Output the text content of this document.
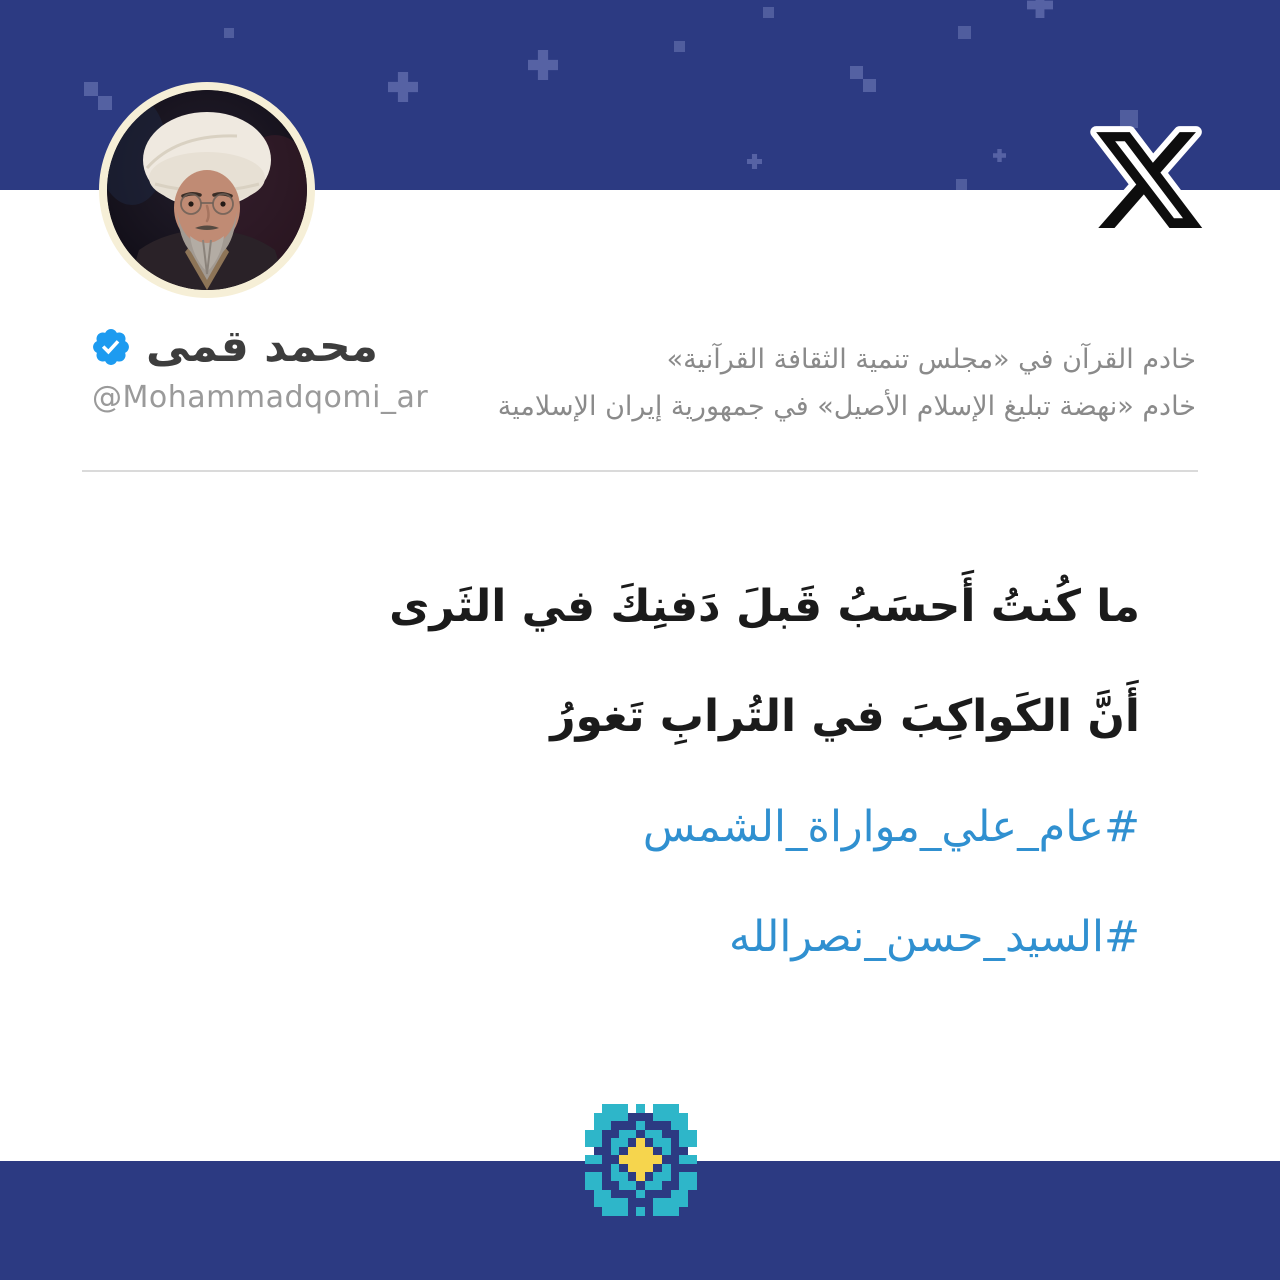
محمد قمى
@Mohammadqomi_ar
خادم القرآن في «مجلس تنمية الثقافة القرآنية»
خادم «نهضة تبليغ الإسلام الأصيل» في جمهورية إيران الإسلامية
ما كُنتُ أَحسَبُ قَبلَ دَفنِكَ في الثَرى
أَنَّ الكَواكِبَ في التُرابِ تَغورُ
#عام_علي_مواراة_الشمس
#السيد_حسن_نصرالله
